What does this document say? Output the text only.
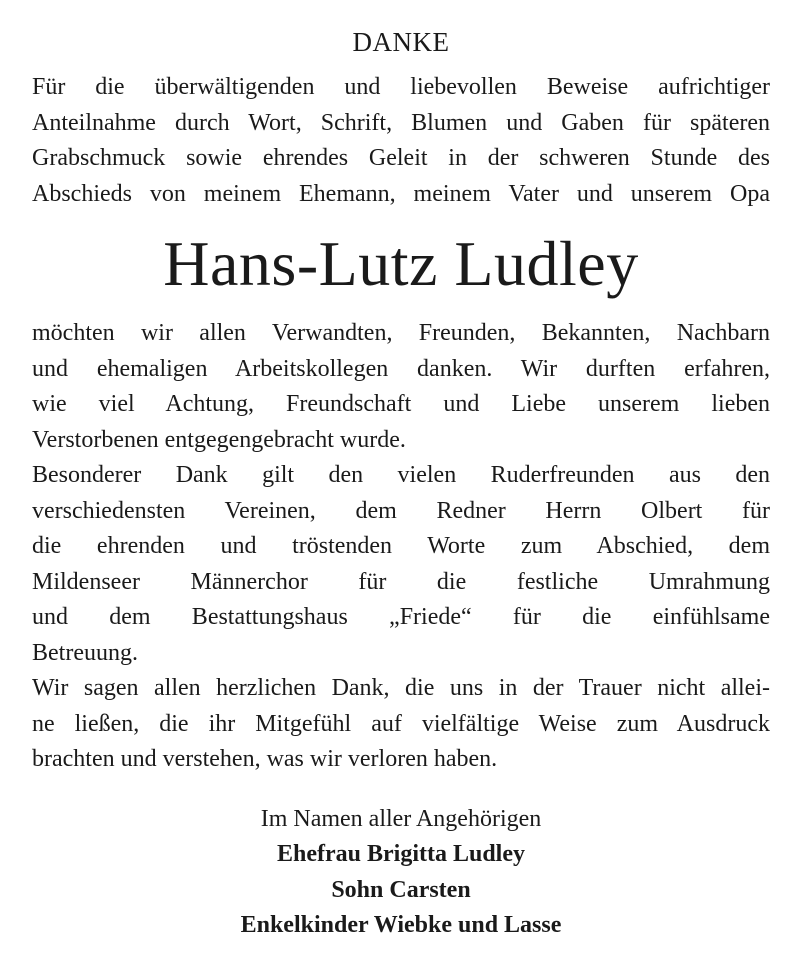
DANKE

Für die überwältigenden und liebevollen Beweise aufrichtiger
Anteilnahme durch Wort, Schrift, Blumen und Gaben für späteren
Grabschmuck sowie ehrendes Geleit in der schweren Stunde des
Abschieds von meinem Ehemann, meinem Vater und unserem Opa

Hans-Lutz Ludley

möchten wir allen Verwandten, Freunden, Bekannten, Nachbarn
und ehemaligen Arbeitskollegen danken. Wir durften erfahren,
wie viel Achtung, Freundschaft und Liebe unserem lieben
Verstorbenen entgegengebracht wurde.
Besonderer Dank gilt den vielen Ruderfreunden aus den
verschiedensten Vereinen, dem Redner Herrn Olbert für
die ehrenden und tröstenden Worte zum Abschied, dem
Mildenseer Männerchor für die festliche Umrahmung
und dem Bestattungshaus „Friede“ für die einfühlsame
Betreuung.
Wir sagen allen herzlichen Dank, die uns in der Trauer nicht allei-
ne ließen, die ihr Mitgefühl auf vielfältige Weise zum Ausdruck
brachten und verstehen, was wir verloren haben.

Im Namen aller Angehörigen
Ehefrau Brigitta Ludley
Sohn Carsten
Enkelkinder Wiebke und Lasse
